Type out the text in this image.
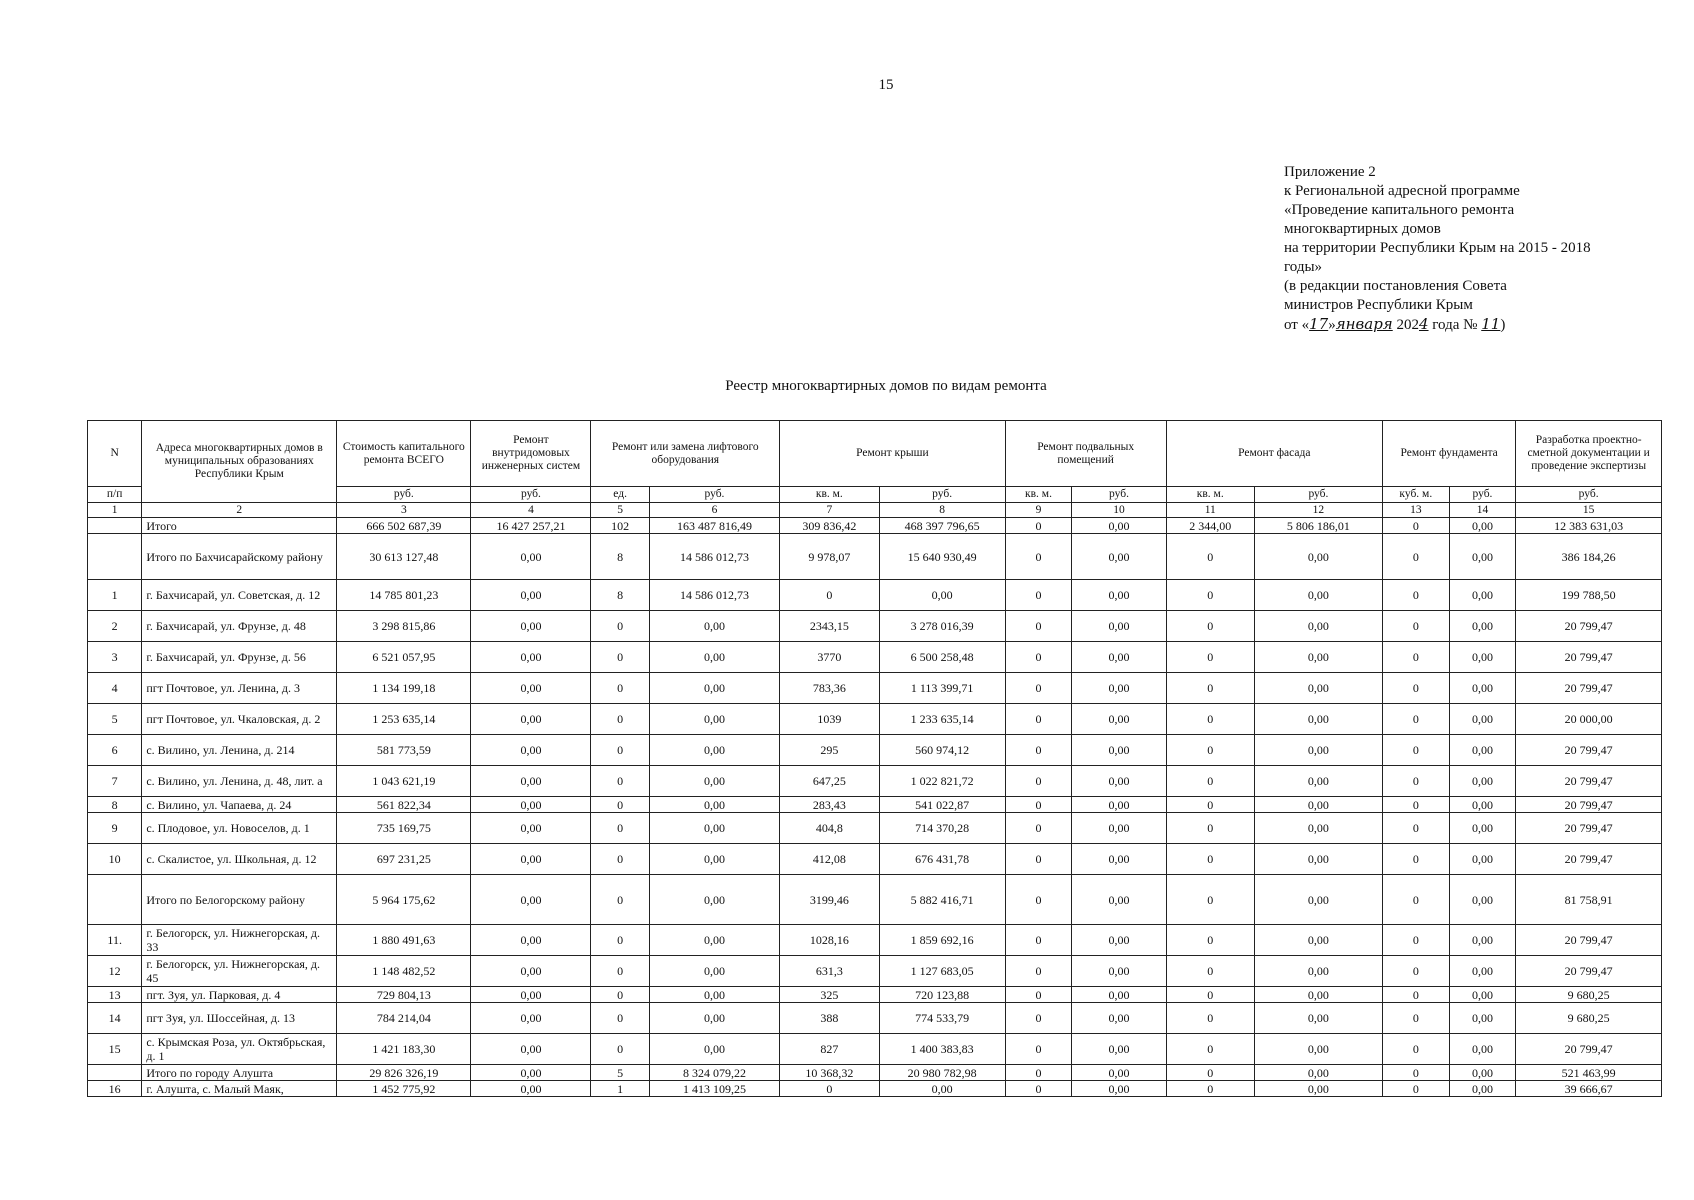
15
Приложение 2
к Региональной адресной программе
«Проведение капитального ремонта
многоквартирных домов
на территории Республики Крым на 2015 - 2018
годы»
(в редакции постановления Совета
министров Республики Крым
от «17»января 2024 года № 11)
Реестр многоквартирных домов по видам ремонта
N	Адреса многоквартирных домов в муниципальных образованиях Республики Крым	Стоимость капитального ремонта ВСЕГО	Ремонт внутридомовых инженерных систем	Ремонт или замена лифтового оборудования		Ремонт крыши		Ремонт подвальных помещений		Ремонт фасада		Ремонт фундамента		Разработка проектно-сметной документации и проведение экспертизы
п/п		руб.	руб.	ед.	руб.	кв. м.	руб.	кв. м.	руб.	кв. м.	руб.	куб. м.	руб.	руб.
1	2	3	4	5	6	7	8	9	10	11	12	13	14	15
	Итого	666 502 687,39	16 427 257,21	102	163 487 816,49	309 836,42	468 397 796,65	0	0,00	2 344,00	5 806 186,01	0	0,00	12 383 631,03
	Итого по Бахчисарайскому району	30 613 127,48	0,00	8	14 586 012,73	9 978,07	15 640 930,49	0	0,00	0	0,00	0	0,00	386 184,26
1	г. Бахчисарай, ул. Советская, д. 12	14 785 801,23	0,00	8	14 586 012,73	0	0,00	0	0,00	0	0,00	0	0,00	199 788,50
2	г. Бахчисарай, ул. Фрунзе, д. 48	3 298 815,86	0,00	0	0,00	2343,15	3 278 016,39	0	0,00	0	0,00	0	0,00	20 799,47
3	г. Бахчисарай, ул. Фрунзе, д. 56	6 521 057,95	0,00	0	0,00	3770	6 500 258,48	0	0,00	0	0,00	0	0,00	20 799,47
4	пгт Почтовое, ул. Ленина, д. 3	1 134 199,18	0,00	0	0,00	783,36	1 113 399,71	0	0,00	0	0,00	0	0,00	20 799,47
5	пгт Почтовое, ул. Чкаловская, д. 2	1 253 635,14	0,00	0	0,00	1039	1 233 635,14	0	0,00	0	0,00	0	0,00	20 000,00
6	с. Вилино, ул. Ленина, д. 214	581 773,59	0,00	0	0,00	295	560 974,12	0	0,00	0	0,00	0	0,00	20 799,47
7	с. Вилино, ул. Ленина, д. 48, лит. а	1 043 621,19	0,00	0	0,00	647,25	1 022 821,72	0	0,00	0	0,00	0	0,00	20 799,47
8	с. Вилино, ул. Чапаева, д. 24	561 822,34	0,00	0	0,00	283,43	541 022,87	0	0,00	0	0,00	0	0,00	20 799,47
9	с. Плодовое, ул. Новоселов, д. 1	735 169,75	0,00	0	0,00	404,8	714 370,28	0	0,00	0	0,00	0	0,00	20 799,47
10	с. Скалистое, ул. Школьная, д. 12	697 231,25	0,00	0	0,00	412,08	676 431,78	0	0,00	0	0,00	0	0,00	20 799,47
	Итого по Белогорскому району	5 964 175,62	0,00	0	0,00	3199,46	5 882 416,71	0	0,00	0	0,00	0	0,00	81 758,91
11.	г. Белогорск, ул. Нижнегорская, д. 33	1 880 491,63	0,00	0	0,00	1028,16	1 859 692,16	0	0,00	0	0,00	0	0,00	20 799,47
12	г. Белогорск, ул. Нижнегорская, д. 45	1 148 482,52	0,00	0	0,00	631,3	1 127 683,05	0	0,00	0	0,00	0	0,00	20 799,47
13	пгт. Зуя, ул. Парковая, д. 4	729 804,13	0,00	0	0,00	325	720 123,88	0	0,00	0	0,00	0	0,00	9 680,25
14	пгт Зуя, ул. Шоссейная, д. 13	784 214,04	0,00	0	0,00	388	774 533,79	0	0,00	0	0,00	0	0,00	9 680,25
15	с. Крымская Роза, ул. Октябрьская, д. 1	1 421 183,30	0,00	0	0,00	827	1 400 383,83	0	0,00	0	0,00	0	0,00	20 799,47
	Итого по городу Алушта	29 826 326,19	0,00	5	8 324 079,22	10 368,32	20 980 782,98	0	0,00	0	0,00	0	0,00	521 463,99
16	г. Алушта, с. Малый Маяк,	1 452 775,92	0,00	1	1 413 109,25	0	0,00	0	0,00	0	0,00	0	0,00	39 666,67
